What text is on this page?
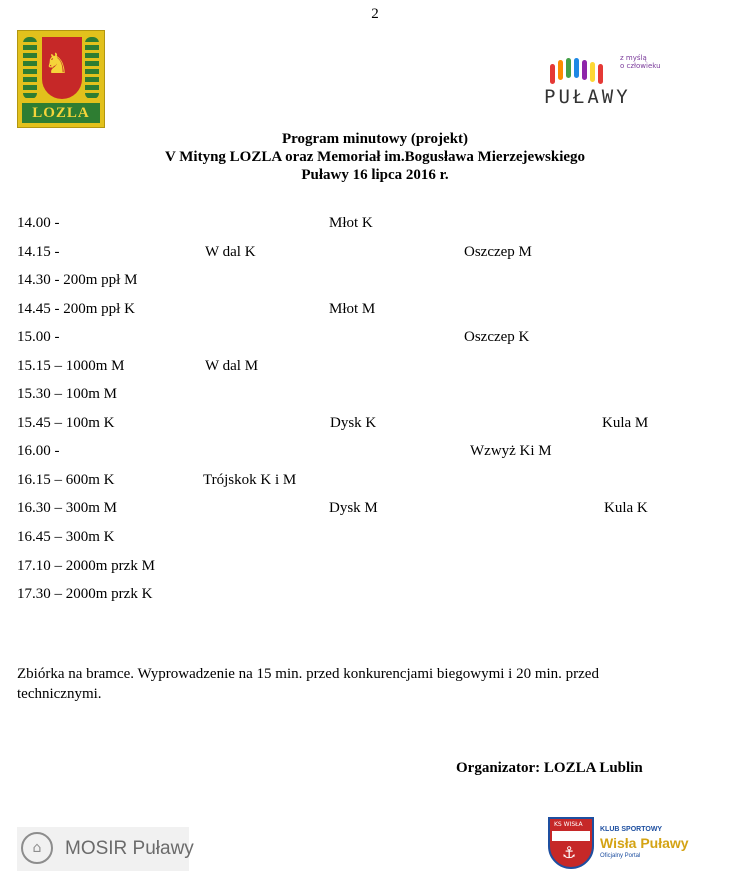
2
♞
LOZLA
z myślą
o człowieku
PUŁAWY
Program minutowy (projekt)
V Mityng LOZLA oraz Memoriał im.Bogusława Mierzejewskiego
Puławy 16 lipca 2016 r.
14.00 -	Młot K
14.15 -	W dal K	Oszczep M
14.30 - 200m ppł M
14.45 - 200m ppł K	Młot M
15.00 -	Oszczep K
15.15 – 1000m M	W dal M
15.30 – 100m M
15.45 – 100m K	Dysk K	Kula M
16.00 -	Wzwyż Ki M
16.15 – 600m K	Trójskok K i M
16.30 – 300m M	Dysk M	Kula K
16.45 – 300m K
17.10 – 2000m przk M
17.30 – 2000m przk K
Zbiórka na bramce. Wyprowadzenie na 15 min. przed konkurencjami biegowymi i 20 min. przed technicznymi.
Organizator: LOZLA Lublin
⌂	MOSIR Puławy
KS WISŁA
⚓
KLUB SPORTOWY
Wisła Puławy
Oficjalny Portal
